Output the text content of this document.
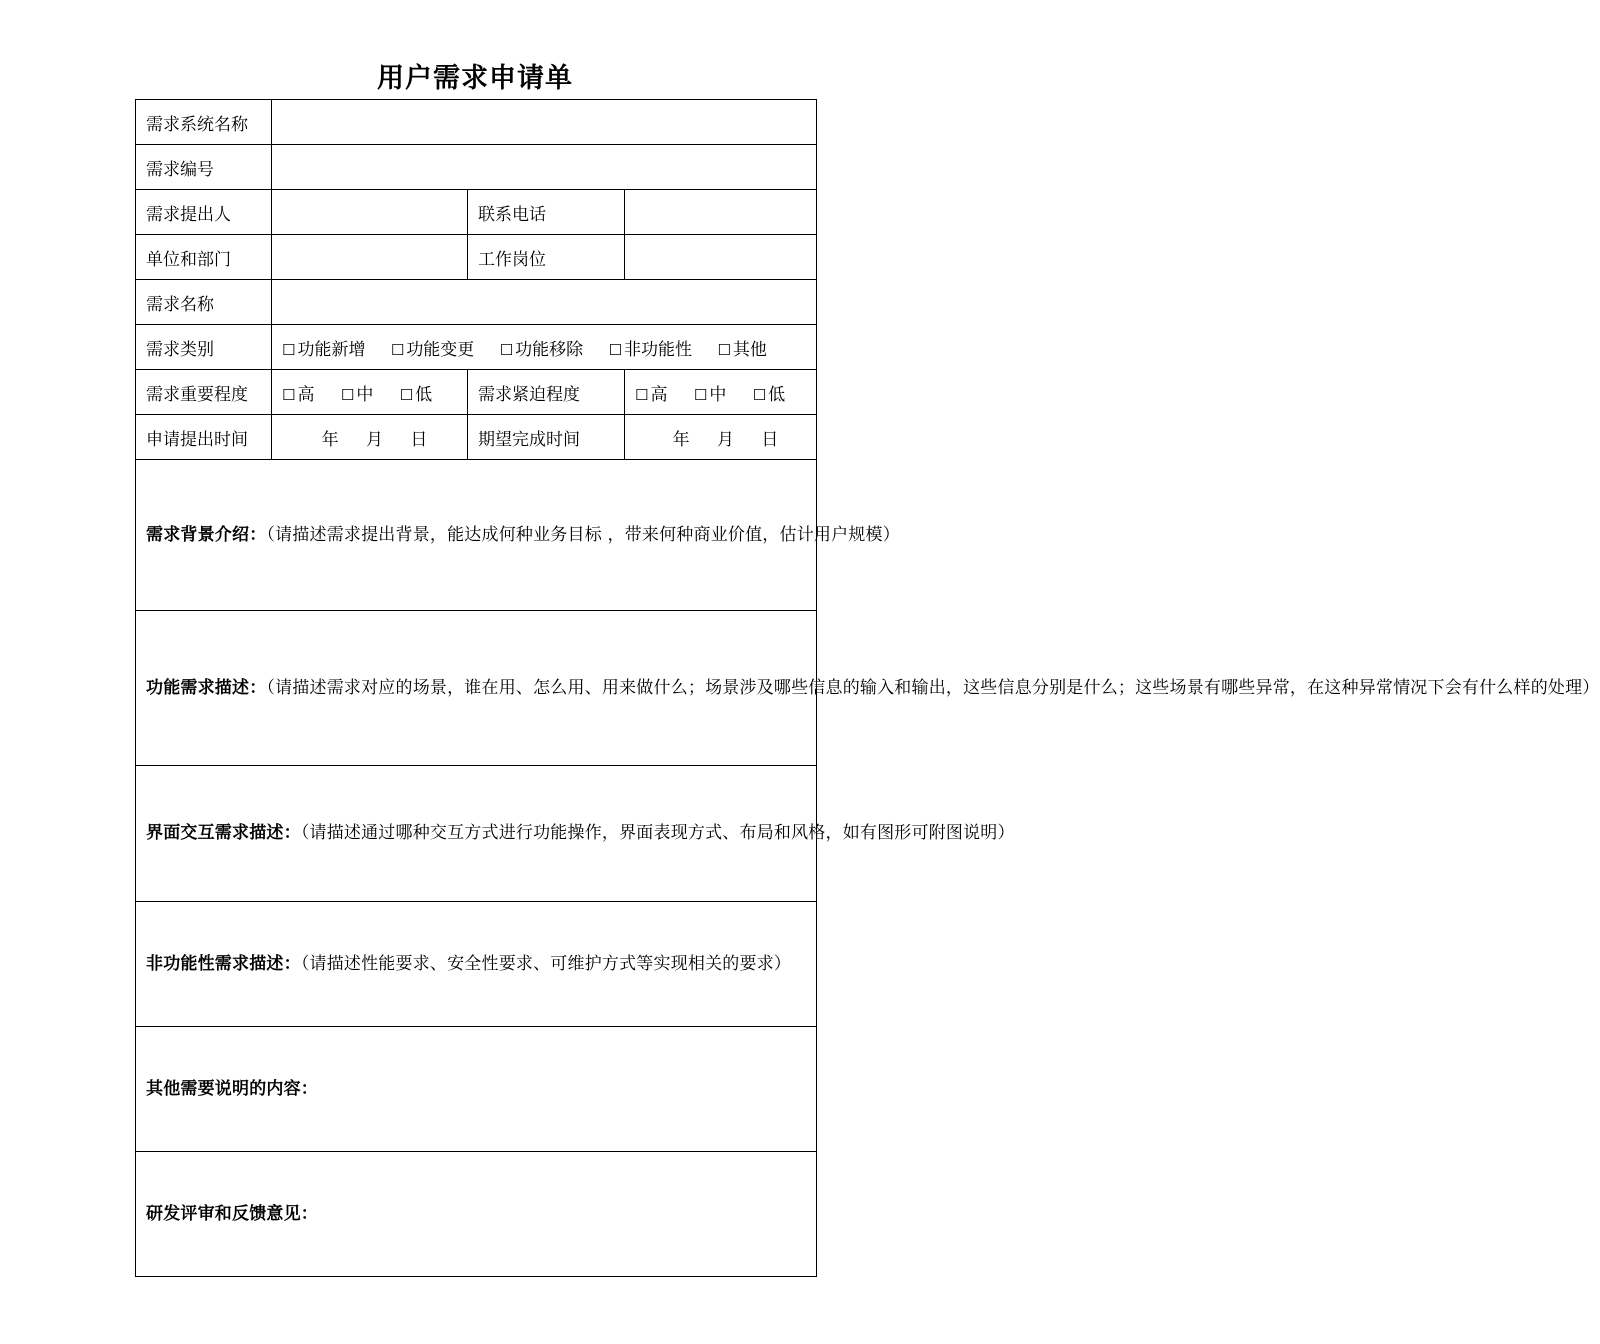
用户需求申请单
需求系统名称			
需求编号			
需求提出人		联系电话	
单位和部门		工作岗位	
需求名称			
需求类别	☐ 功能新增 ☐ 功能变更 ☐ 功能移除 ☐ 非功能性 ☐ 其他		
需求重要程度	☐ 高 ☐ 中 ☐ 低	需求紧迫程度	☐ 高 ☐ 中 ☐ 低
申请提出时间	年 月 日	期望完成时间	年 月 日
需求背景介绍：（请描述需求提出背景，能达成何种业务目标 ，带来何种商业价值，估计用户规模）			
功能需求描述：（请描述需求对应的场景，谁在用、怎么用、用来做什么；场景涉及哪些信息的输入和输出，这些信息分别是什么；这些场景有哪些异常，在这种异常情况下会有什么样的处理）			
界面交互需求描述：（请描述通过哪种交互方式进行功能操作，界面表现方式、布局和风格，如有图形可附图说明）			
非功能性需求描述：（请描述性能要求、安全性要求、可维护方式等实现相关的要求）			
其他需要说明的内容：			
研发评审和反馈意见：			
